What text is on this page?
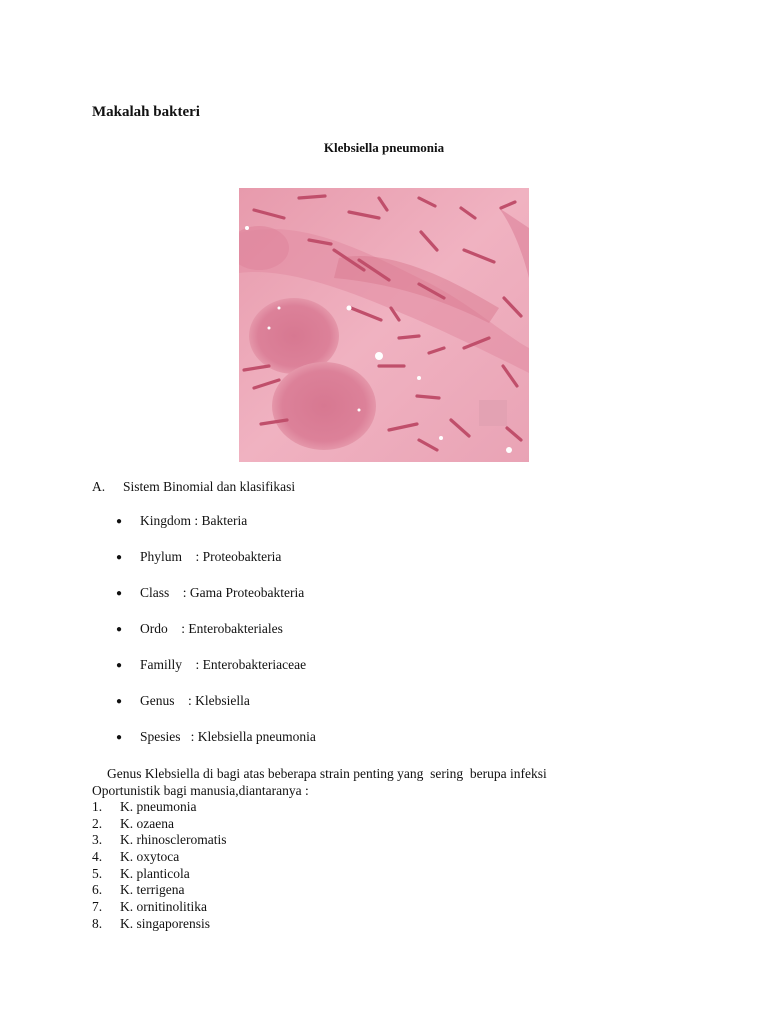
Makalah bakteri
Klebsiella pneumonia
A. Sistem Binomial dan klasifikasi
●	Kingdom : Bakteria
●	Phylum : Proteobakteria
●	Class : Gama Proteobakteria
●	Ordo : Enterobakteriales
●	Familly : Enterobakteriaceae
●	Genus : Klebsiella
●	Spesies : Klebsiella pneumonia

Genus Klebsiella di bagi atas beberapa strain penting yang  sering  berupa infeksi
Oportunistik bagi manusia,diantaranya :

1. K. pneumonia
2. K. ozaena
3. K. rhinoscleromatis
4. K. oxytoca
5. K. planticola
6. K. terrigena
7. K. ornitinolitika
8. K. singaporensis
